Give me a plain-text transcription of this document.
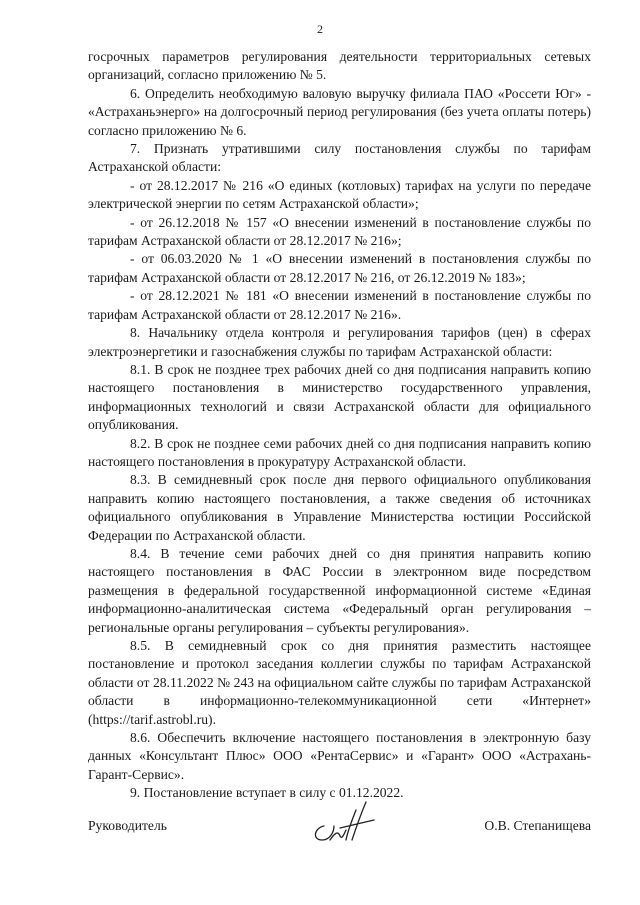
2

госрочных параметров регулирования деятельности территориальных сетевых организаций, согласно приложению № 5.

6. Определить необходимую валовую выручку филиала ПАО «Россети Юг» - «Астраханьэнерго» на долгосрочный период регулирования (без учета оплаты потерь) согласно приложению № 6.

7. Признать утратившими силу постановления службы по тарифам Астраханской области:

- от 28.12.2017 № 216 «О единых (котловых) тарифах на услуги по передаче электрической энергии по сетям Астраханской области»;

- от 26.12.2018 № 157 «О внесении изменений в постановление службы по тарифам Астраханской области от 28.12.2017 № 216»;

- от 06.03.2020 № 1 «О внесении изменений в постановления службы по тарифам Астраханской области от 28.12.2017 № 216, от 26.12.2019 № 183»;

- от 28.12.2021 № 181 «О внесении изменений в постановление службы по тарифам Астраханской области от 28.12.2017 № 216».

8. Начальнику отдела контроля и регулирования тарифов (цен) в сферах электроэнергетики и газоснабжения службы по тарифам Астраханской области:

8.1. В срок не позднее трех рабочих дней со дня подписания направить копию настоящего постановления в министерство государственного управления, информационных технологий и связи Астраханской области для официального опубликования.

8.2. В срок не позднее семи рабочих дней со дня подписания направить копию настоящего постановления в прокуратуру Астраханской области.

8.3. В семидневный срок после дня первого официального опубликования направить копию настоящего постановления, а также сведения об источниках официального опубликования в Управление Министерства юстиции Российской Федерации по Астраханской области.

8.4. В течение семи рабочих дней со дня принятия направить копию настоящего постановления в ФАС России в электронном виде посредством размещения в федеральной государственной информационной системе «Единая информационно-аналитическая система «Федеральный орган регулирования – региональные органы регулирования – субъекты регулирования».

8.5. В семидневный срок со дня принятия разместить настоящее постановление и протокол заседания коллегии службы по тарифам Астраханской области от 28.11.2022 № 243 на официальном сайте службы по тарифам Астраханской области в информационно-телекоммуникационной сети «Интернет» (https://tarif.astrobl.ru).

8.6. Обеспечить включение настоящего постановления в электронную базу данных «Консультант Плюс» ООО «РентаСервис» и «Гарант» ООО «Астрахань-Гарант-Сервис».

9. Постановление вступает в силу с 01.12.2022.

Руководитель	О.В. Степанищева
